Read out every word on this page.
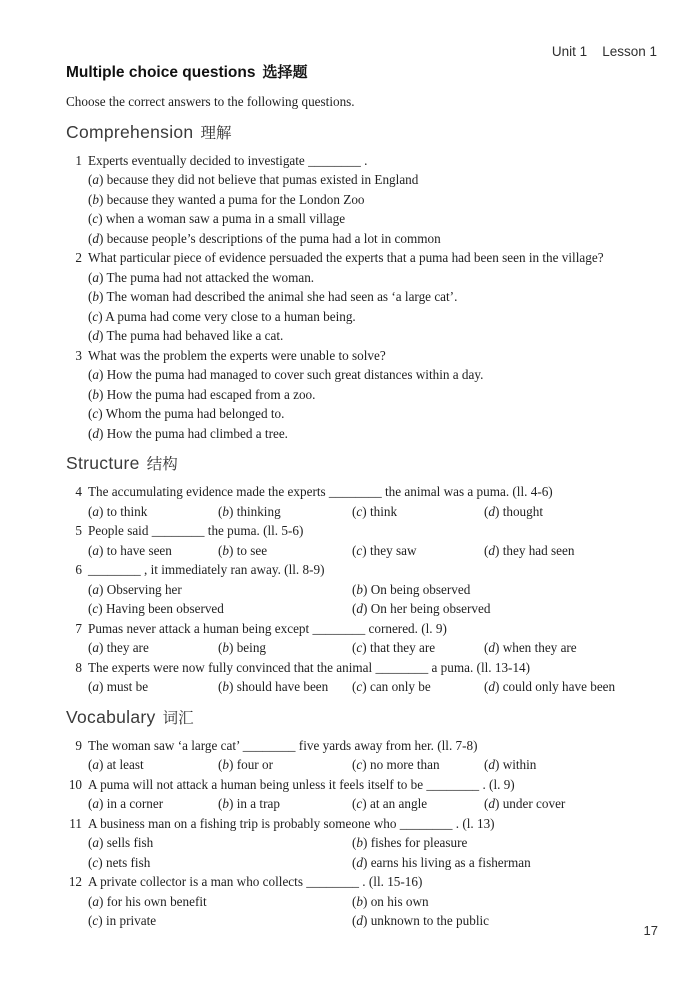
Unit 1 Lesson 1
Multiple choice questions 选择题

Choose the correct answers to the following questions.

Comprehension 理解
1 Experts eventually decided to investigate ________ .
(a) because they did not believe that pumas existed in England
(b) because they wanted a puma for the London Zoo
(c) when a woman saw a puma in a small village
(d) because people’s descriptions of the puma had a lot in common
2 What particular piece of evidence persuaded the experts that a puma had been seen in the village?
(a) The puma had not attacked the woman.
(b) The woman had described the animal she had seen as ‘a large cat’.
(c) A puma had come very close to a human being.
(d) The puma had behaved like a cat.
3 What was the problem the experts were unable to solve?
(a) How the puma had managed to cover such great distances within a day.
(b) How the puma had escaped from a zoo.
(c) Whom the puma had belonged to.
(d) How the puma had climbed a tree.
Structure 结构
4 The accumulating evidence made the experts ________ the animal was a puma. (ll. 4-6)
(a) to think	(b) thinking	(c) think	(d) thought
5 People said ________ the puma. (ll. 5-6)
(a) to have seen	(b) to see	(c) they saw	(d) they had seen
6 ________ , it immediately ran away. (ll. 8-9)
(a) Observing her	(b) On being observed
(c) Having been observed	(d) On her being observed
7 Pumas never attack a human being except ________ cornered. (l. 9)
(a) they are	(b) being	(c) that they are	(d) when they are
8 The experts were now fully convinced that the animal ________ a puma. (ll. 13-14)
(a) must be	(b) should have been	(c) can only be	(d) could only have been
Vocabulary 词汇
9 The woman saw ‘a large cat’ ________ five yards away from her. (ll. 7-8)
(a) at least	(b) four or	(c) no more than	(d) within
10 A puma will not attack a human being unless it feels itself to be ________ . (l. 9)
(a) in a corner	(b) in a trap	(c) at an angle	(d) under cover
11 A business man on a fishing trip is probably someone who ________ . (l. 13)
(a) sells fish	(b) fishes for pleasure
(c) nets fish	(d) earns his living as a fisherman
12 A private collector is a man who collects ________ . (ll. 15-16)
(a) for his own benefit	(b) on his own
(c) in private	(d) unknown to the public
17
